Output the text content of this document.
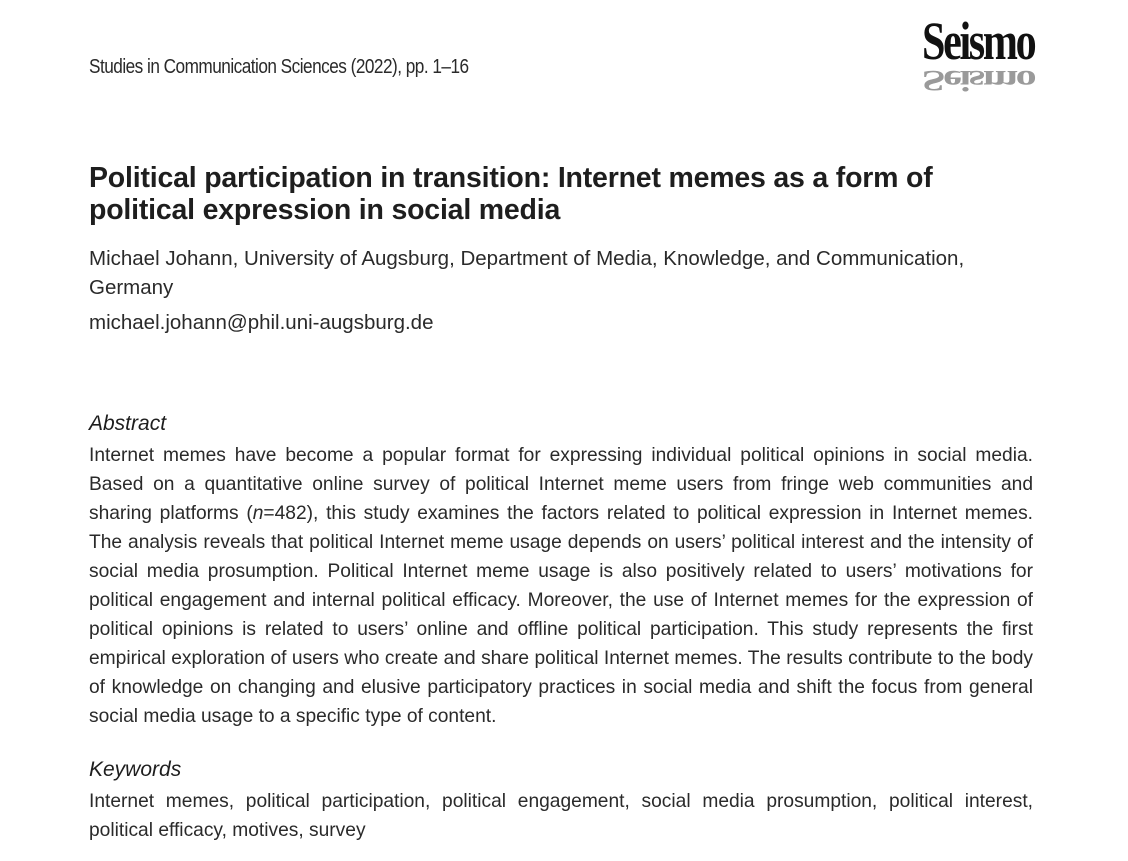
Studies in Communication Sciences (2022), pp. 1–16	Seismo
Seismo
Political participation in transition: Internet memes as a form of political expression in social media
Michael Johann, University of Augsburg, Department of Media, Knowledge, and Communication, Germany
michael.johann@phil.uni-augsburg.de
Abstract
Internet memes have become a popular format for expressing individual political opinions in social media. Based on a quantitative online survey of political Internet meme users from fringe web communities and sharing platforms (n=482), this study examines the factors related to political expression in Internet memes. The analysis reveals that political Internet meme usage depends on users’ political interest and the intensity of social media prosumption. Political Internet meme usage is also positively related to users’ motivations for political engagement and internal political efficacy. Moreover, the use of Internet memes for the expression of political opinions is related to users’ online and offline political participation. This study represents the first empirical exploration of users who create and share political Internet memes. The results contribute to the body of knowledge on changing and elusive participatory practices in social media and shift the focus from general social media usage to a specific type of content.
Keywords
Internet memes, political participation, political engagement, social media prosumption, political interest, political efficacy, motives, survey
